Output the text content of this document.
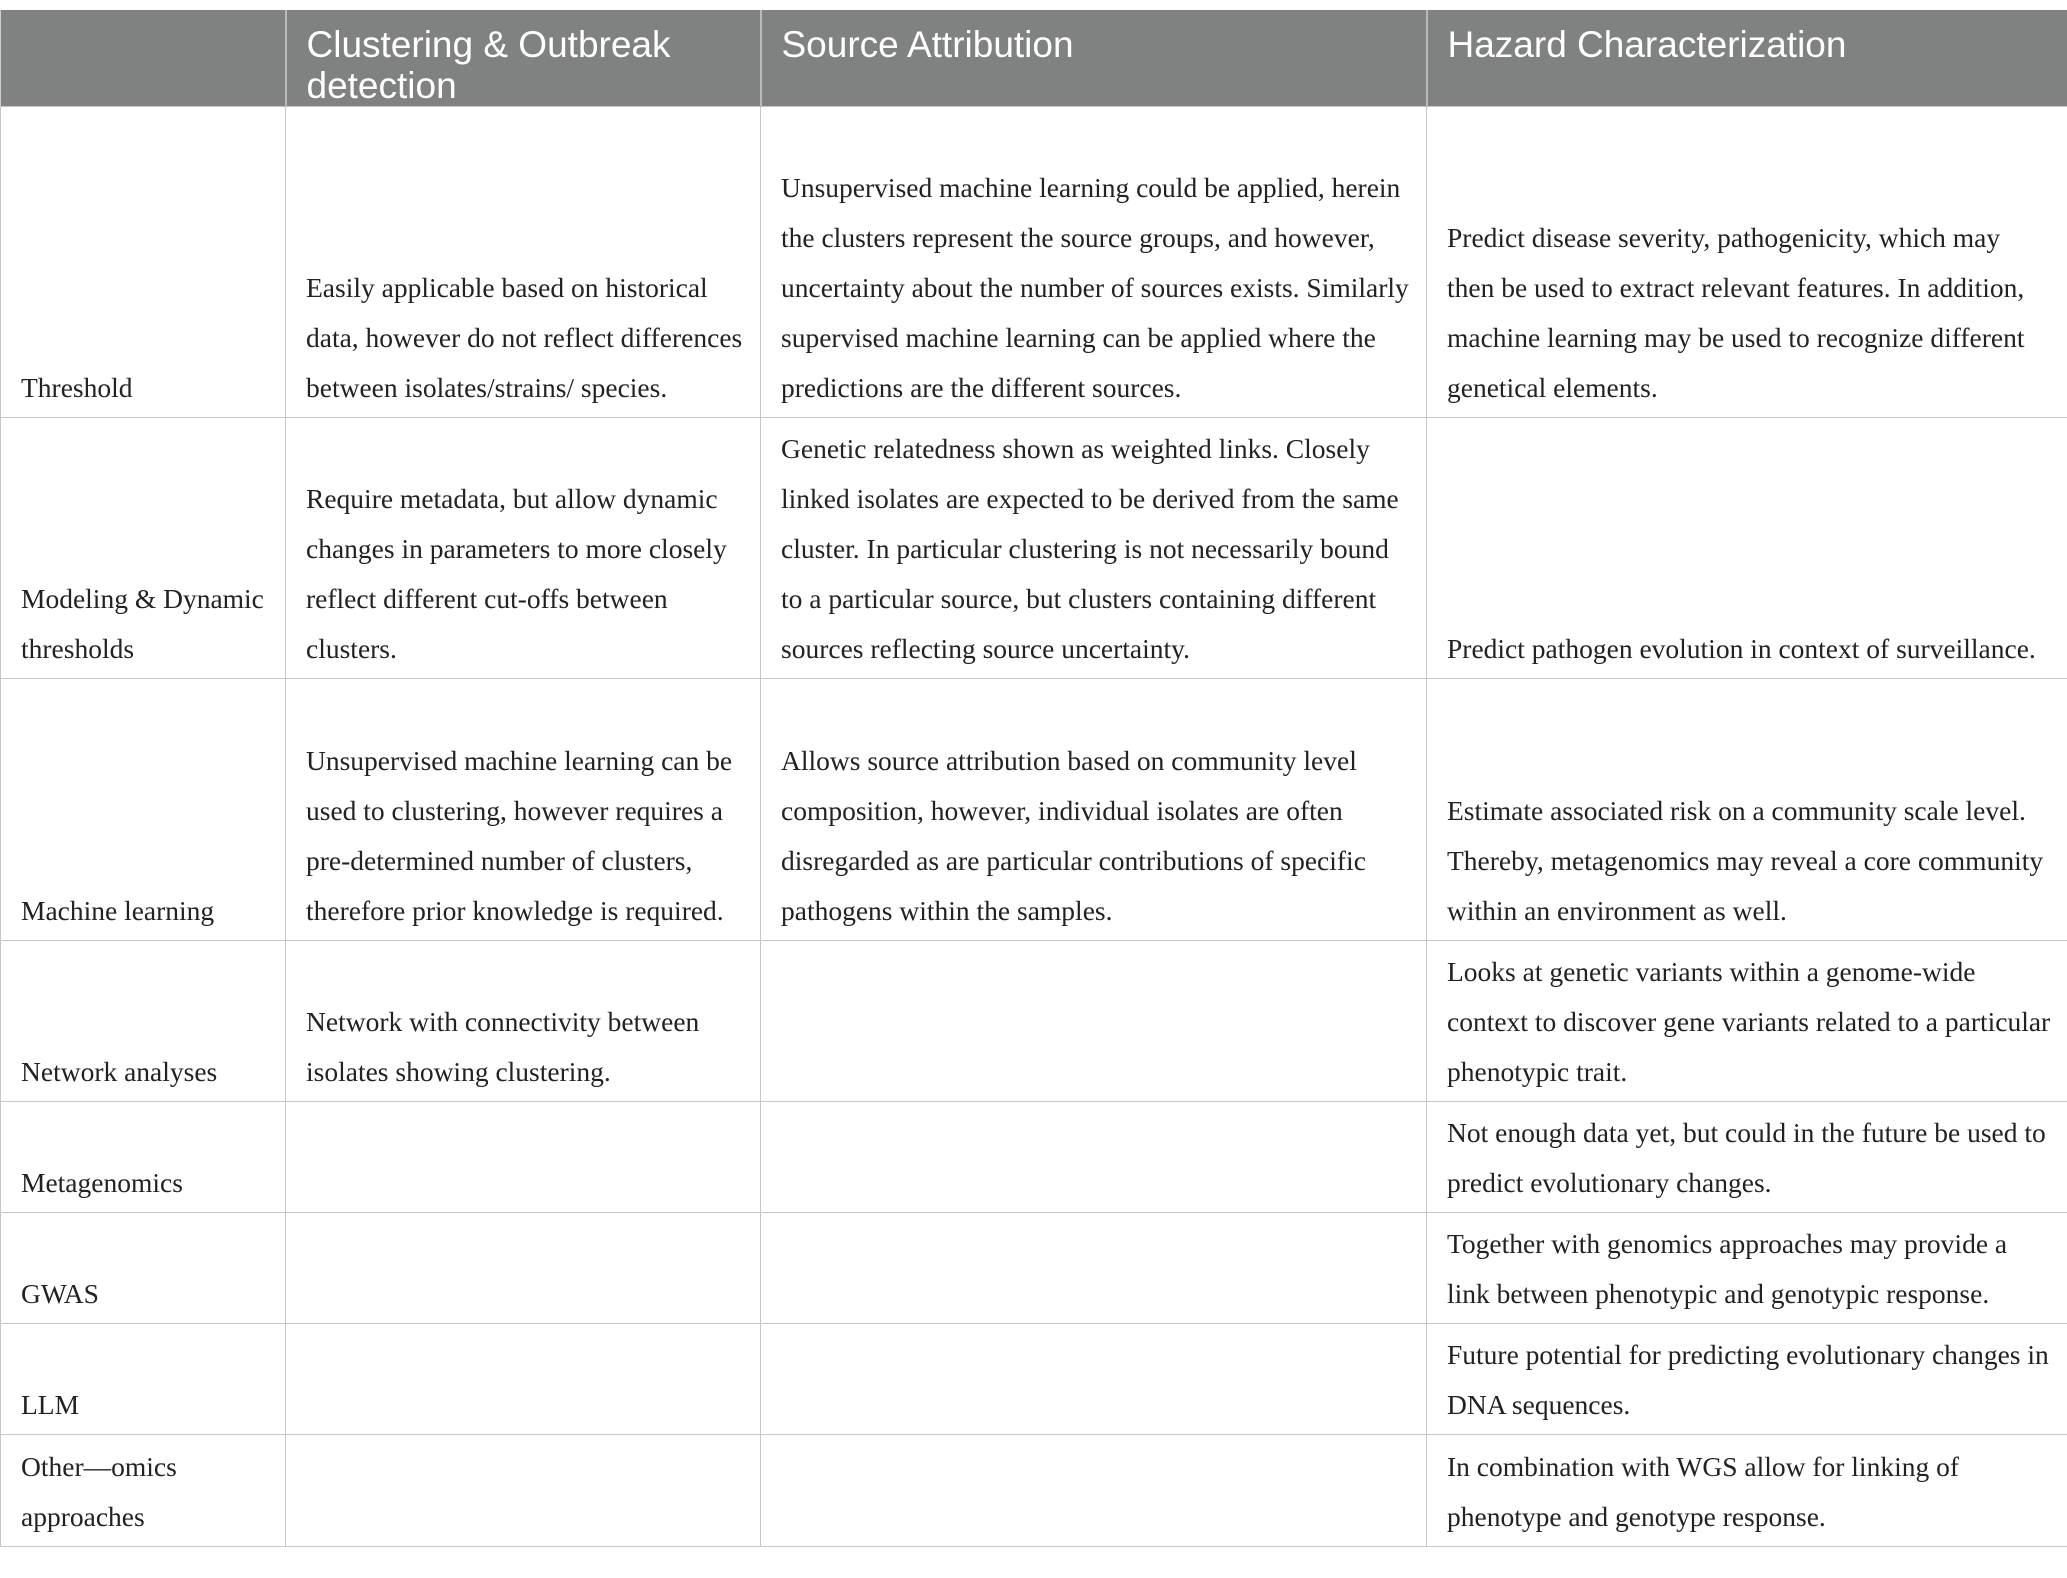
	Clustering & Outbreak detection	Source Attribution	Hazard Characterization
Threshold	Easily applicable based on historical data, however do not reflect differences between isolates/strains/ species.	Unsupervised machine learning could be applied, herein the clusters represent the source groups, and however, uncertainty about the number of sources exists. Similarly supervised machine learning can be applied where the predictions are the different sources.	Predict disease severity, pathogenicity, which may then be used to extract relevant features. In addition, machine learning may be used to recognize different genetical elements.
Modeling & Dynamic thresholds	Require metadata, but allow dynamic changes in parameters to more closely reflect different cut-offs between clusters.	Genetic relatedness shown as weighted links. Closely linked isolates are expected to be derived from the same cluster. In particular clustering is not necessarily bound to a particular source, but clusters containing different sources reflecting source uncertainty.	Predict pathogen evolution in context of surveillance.
Machine learning	Unsupervised machine learning can be used to clustering, however requires a pre-determined number of clusters, therefore prior knowledge is required.	Allows source attribution based on community level composition, however, individual isolates are often disregarded as are particular contributions of specific pathogens within the samples.	Estimate associated risk on a community scale level. Thereby, metagenomics may reveal a core community within an environment as well.
Network analyses	Network with connectivity between isolates showing clustering.		Looks at genetic variants within a genome-wide context to discover gene variants related to a particular phenotypic trait.
Metagenomics			Not enough data yet, but could in the future be used to predict evolutionary changes.
GWAS			Together with genomics approaches may provide a link between phenotypic and genotypic response.
LLM			Future potential for predicting evolutionary changes in DNA sequences.
Other—omics approaches			In combination with WGS allow for linking of phenotype and genotype response.
